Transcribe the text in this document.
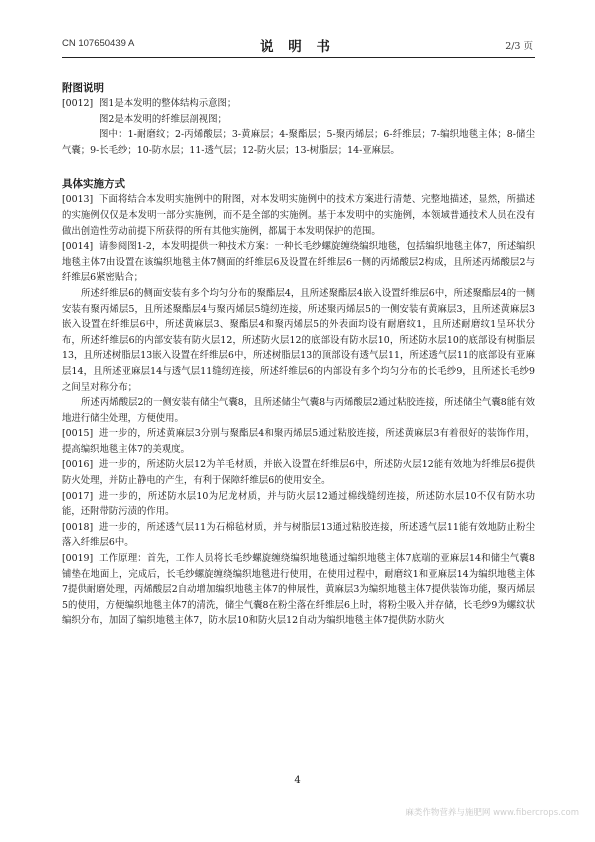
CN 107650439 A	说 明 书	2/3 页
附图说明
[0012] 图1是本发明的整体结构示意图；
图2是本发明的纤维层剖视图；
图中：1-耐磨纹；2-丙烯酸层；3-黄麻层；4-聚酯层；5-聚丙烯层；6-纤维层；7-编织地毯主体；8-储尘气囊；9-长毛纱；10-防水层；11-透气层；12-防火层；13-树脂层；14-亚麻层。
具体实施方式
[0013] 下面将结合本发明实施例中的附图，对本发明实施例中的技术方案进行清楚、完整地描述，显然，所描述的实施例仅仅是本发明一部分实施例，而不是全部的实施例。基于本发明中的实施例，本领域普通技术人员在没有做出创造性劳动前提下所获得的所有其他实施例，都属于本发明保护的范围。
[0014] 请参阅图1-2，本发明提供一种技术方案：一种长毛纱螺旋缠绕编织地毯，包括编织地毯主体7，所述编织地毯主体7由设置在该编织地毯主体7侧面的纤维层6及设置在纤维层6一侧的丙烯酸层2构成，且所述丙烯酸层2与纤维层6紧密贴合；
所述纤维层6的侧面安装有多个均匀分布的聚酯层4，且所述聚酯层4嵌入设置纤维层6中，所述聚酯层4的一侧安装有聚丙烯层5，且所述聚酯层4与聚丙烯层5缝纫连接，所述聚丙烯层5的一侧安装有黄麻层3，且所述黄麻层3嵌入设置在纤维层6中，所述黄麻层3、聚酯层4和聚丙烯层5的外表面均设有耐磨纹1，且所述耐磨纹1呈环状分布，所述纤维层6的内部安装有防火层12，所述防火层12的底部设有防水层10，所述防水层10的底部设有树脂层13，且所述树脂层13嵌入设置在纤维层6中，所述树脂层13的顶部设有透气层11，所述透气层11的底部设有亚麻层14，且所述亚麻层14与透气层11缝纫连接，所述纤维层6的内部设有多个均匀分布的长毛纱9，且所述长毛纱9之间呈对称分布；
所述丙烯酸层2的一侧安装有储尘气囊8，且所述储尘气囊8与丙烯酸层2通过粘胶连接，所述储尘气囊8能有效地进行储尘处理，方便使用。
[0015] 进一步的，所述黄麻层3分别与聚酯层4和聚丙烯层5通过粘胶连接，所述黄麻层3有着很好的装饰作用，提高编织地毯主体7的美观度。
[0016] 进一步的，所述防火层12为羊毛材质，并嵌入设置在纤维层6中，所述防火层12能有效地为纤维层6提供防火处理，并防止静电的产生，有利于保障纤维层6的使用安全。
[0017] 进一步的，所述防水层10为尼龙材质，并与防火层12通过棉线缝纫连接，所述防水层10不仅有防水功能，还附带防污渍的作用。
[0018] 进一步的，所述透气层11为石棉毡材质，并与树脂层13通过粘胶连接，所述透气层11能有效地防止粉尘落入纤维层6中。
[0019] 工作原理：首先，工作人员将长毛纱螺旋缠绕编织地毯通过编织地毯主体7底端的亚麻层14和储尘气囊8铺垫在地面上，完成后，长毛纱螺旋缠绕编织地毯进行使用，在使用过程中，耐磨纹1和亚麻层14为编织地毯主体7提供耐磨处理，丙烯酸层2自动增加编织地毯主体7的伸展性，黄麻层3为编织地毯主体7提供装饰功能，聚丙烯层5的使用，方便编织地毯主体7的清洗，储尘气囊8在粉尘落在纤维层6上时，将粉尘吸入并存储，长毛纱9为螺纹状编织分布，加固了编织地毯主体7，防水层10和防火层12自动为编织地毯主体7提供防水防火
4
麻类作物营养与施肥网 www.fibercrops.com
